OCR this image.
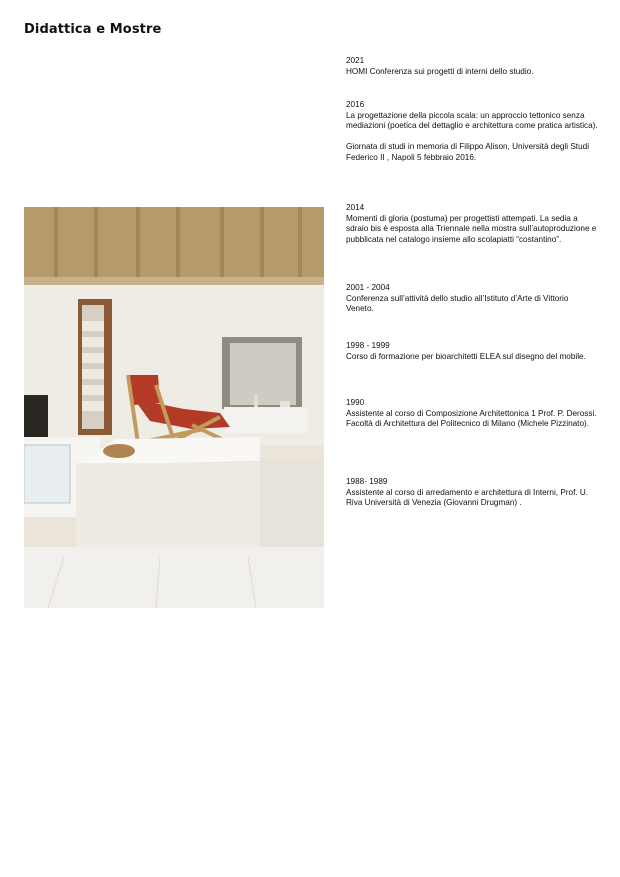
Didattica e Mostre
2021

HOMI Conferenza sui progetti di interni dello studio.

2016

La progettazione della piccola scala: un approccio tettonico senza mediazioni (poetica del dettaglio e architettura come pratica artistica).

Giornata di studi in memoria di Filippo Alison, Università degli Studi Federico II , Napoli 5 febbraio 2016.

2014

Momenti di gloria (postuma) per progettisti attempati. La sedia a sdraio bis è esposta alla Triennale nella mostra sull’autoproduzione e pubblicata nel catalogo insieme allo scolapiatti “costantino”.

2001 - 2004

Conferenza sull’attività dello studio all’Istituto d’Arte di Vittorio Veneto.

1998 - 1999

Corso di formazione per bioarchitetti ELEA sul disegno del mobile.

1990

Assistente al corso di Composizione Architettonica 1 Prof. P. Derossi. Facoltà di Architettura del Politecnico di Milano (Michele Pizzinato).

1988- 1989

Assistente al corso di arredamento e architettura di Interni, Prof. U. Riva Università di Venezia (Giovanni Drugman) .
